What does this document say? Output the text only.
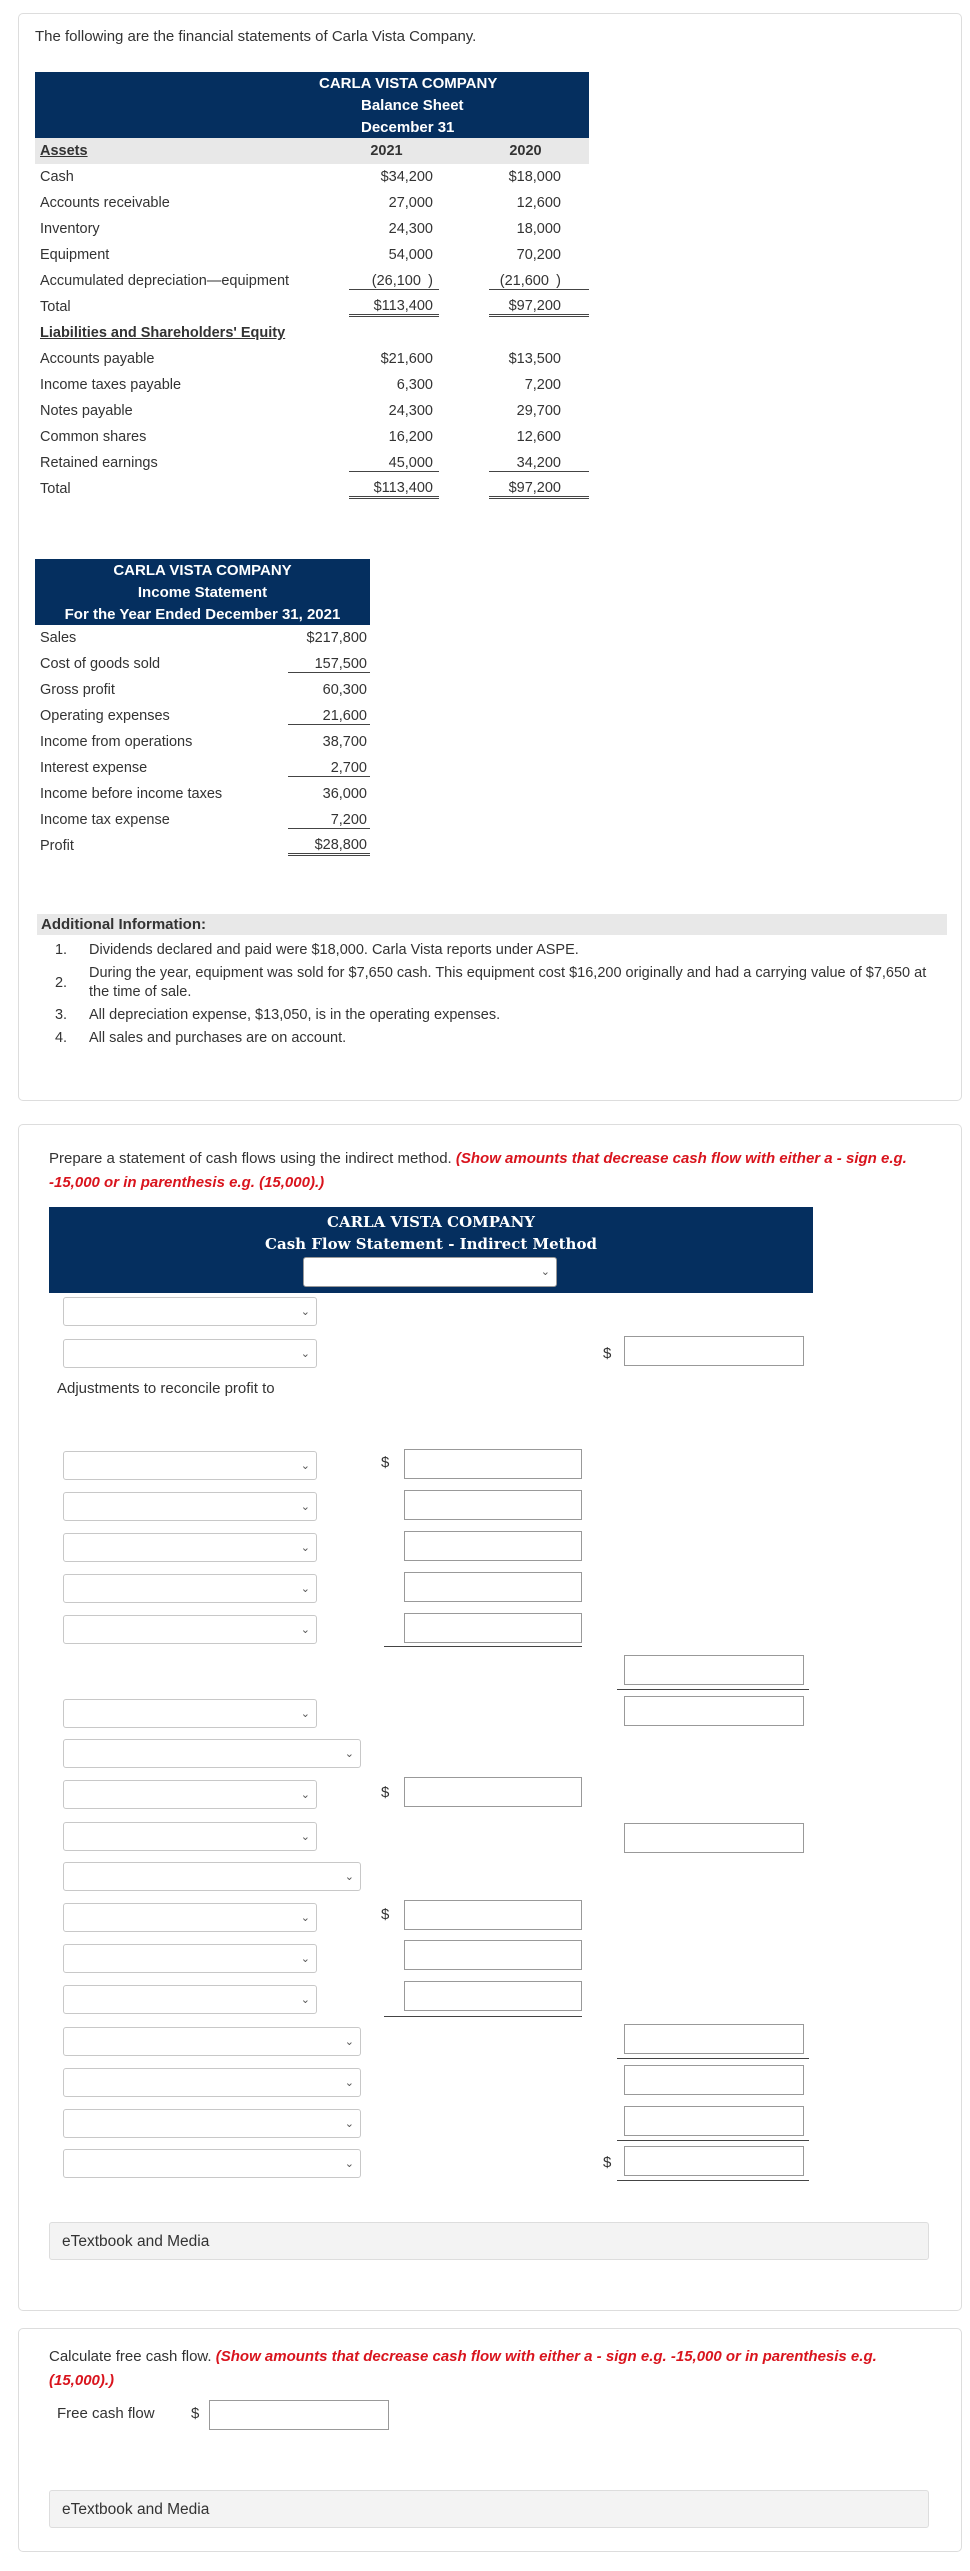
The following are the financial statements of Carla Vista Company.
	CARLA VISTA COMPANY	
	Balance Sheet	
	December 31	
Assets	2021	2020
Cash	$34,200	$18,000
Accounts receivable	27,000	12,600
Inventory	24,300	18,000
Equipment	54,000	70,200
Accumulated depreciation—equipment	(26,100 )	(21,600 )
Total	$113,400	$97,200
Liabilities and Shareholders' Equity		
Accounts payable	$21,600	$13,500
Income taxes payable	6,300	7,200
Notes payable	24,300	29,700
Common shares	16,200	12,600
Retained earnings	45,000	34,200
Total	$113,400	$97,200
CARLA VISTA COMPANY	
Income Statement	
For the Year Ended December 31, 2021	
Sales	$217,800
Cost of goods sold	157,500
Gross profit	60,300
Operating expenses	21,600
Income from operations	38,700
Interest expense	2,700
Income before income taxes	36,000
Income tax expense	7,200
Profit	$28,800
Additional Information:
1.	Dividends declared and paid were $18,000. Carla Vista reports under ASPE.
2.	During the year, equipment was sold for $7,650 cash. This equipment cost $16,200 originally and had a carrying value of $7,650 at the time of sale.
3.	All depreciation expense, $13,050, is in the operating expenses.
4.	All sales and purchases are on account.
Prepare a statement of cash flows using the indirect method. (Show amounts that decrease cash flow with either a - sign e.g. -15,000 or in parenthesis e.g. (15,000).)
CARLA VISTA COMPANY
Cash Flow Statement - Indirect Method
⌄
Adjustments to reconcile profit to
⌄
⌄	$
⌄
⌄
⌄
⌄
⌄
$
⌄
⌄
⌄	$
⌄
⌄
⌄	$
⌄
⌄
⌄
⌄
⌄
⌄	$
eTextbook and Media
Calculate free cash flow. (Show amounts that decrease cash flow with either a - sign e.g. -15,000 or in parenthesis e.g. (15,000).)
Free cash flow $
eTextbook and Media
